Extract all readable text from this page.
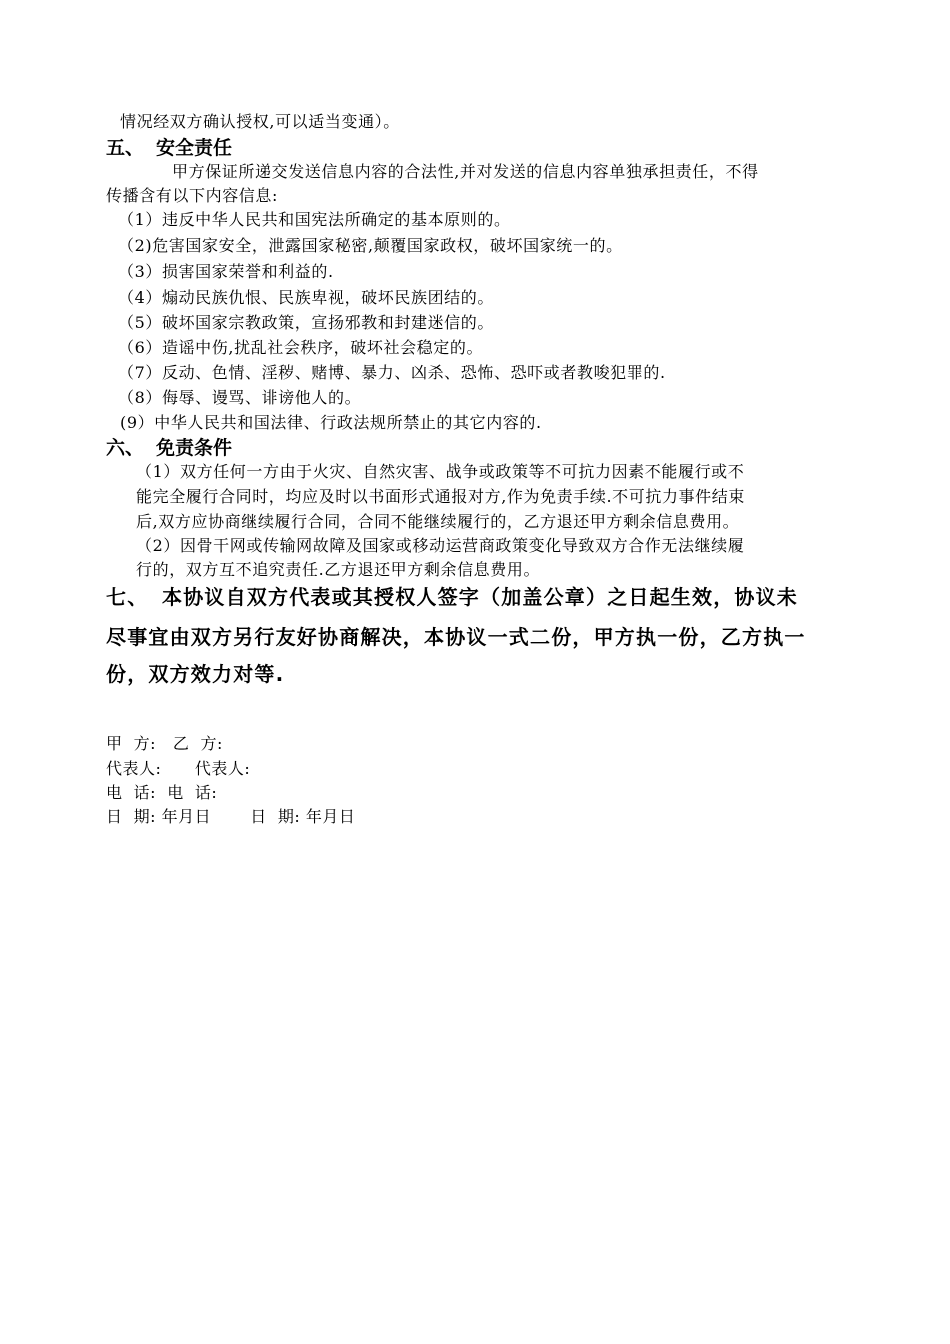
情况经双方确认授权,可以适当变通）。
五、 安全责任
甲方保证所递交发送信息内容的合法性,并对发送的信息内容单独承担责任，不得
传播含有以下内容信息:
（1）违反中华人民共和国宪法所确定的基本原则的。
（2)危害国家安全，泄露国家秘密,颠覆国家政权，破坏国家统一的。
（3）损害国家荣誉和利益的.
（4）煽动民族仇恨、民族卑视，破坏民族团结的。
（5）破坏国家宗教政策，宣扬邪教和封建迷信的。
（6）造谣中伤,扰乱社会秩序，破坏社会稳定的。
（7）反动、色情、淫秽、赌博、暴力、凶杀、恐怖、恐吓或者教唆犯罪的.
（8）侮辱、谩骂、诽谤他人的。
(9）中华人民共和国法律、行政法规所禁止的其它内容的.
六、 免责条件
（1）双方任何一方由于火灾、自然灾害、战争或政策等不可抗力因素不能履行或不
能完全履行合同时，均应及时以书面形式通报对方,作为免责手续.不可抗力事件结束
后,双方应协商继续履行合同，合同不能继续履行的，乙方退还甲方剩余信息费用。
（2）因骨干网或传输网故障及国家或移动运营商政策变化导致双方合作无法继续履
行的，双方互不追究责任.乙方退还甲方剩余信息费用。
七、 本协议自双方代表或其授权人签字（加盖公章）之日起生效，协议未
尽事宜由双方另行友好协商解决，本协议一式二份，甲方执一份，乙方执一
份，双方效力对等.
甲  方:   乙  方:
代表人:      代表人:
电  话:  电  话:
日  期: 年月日       日  期: 年月日
